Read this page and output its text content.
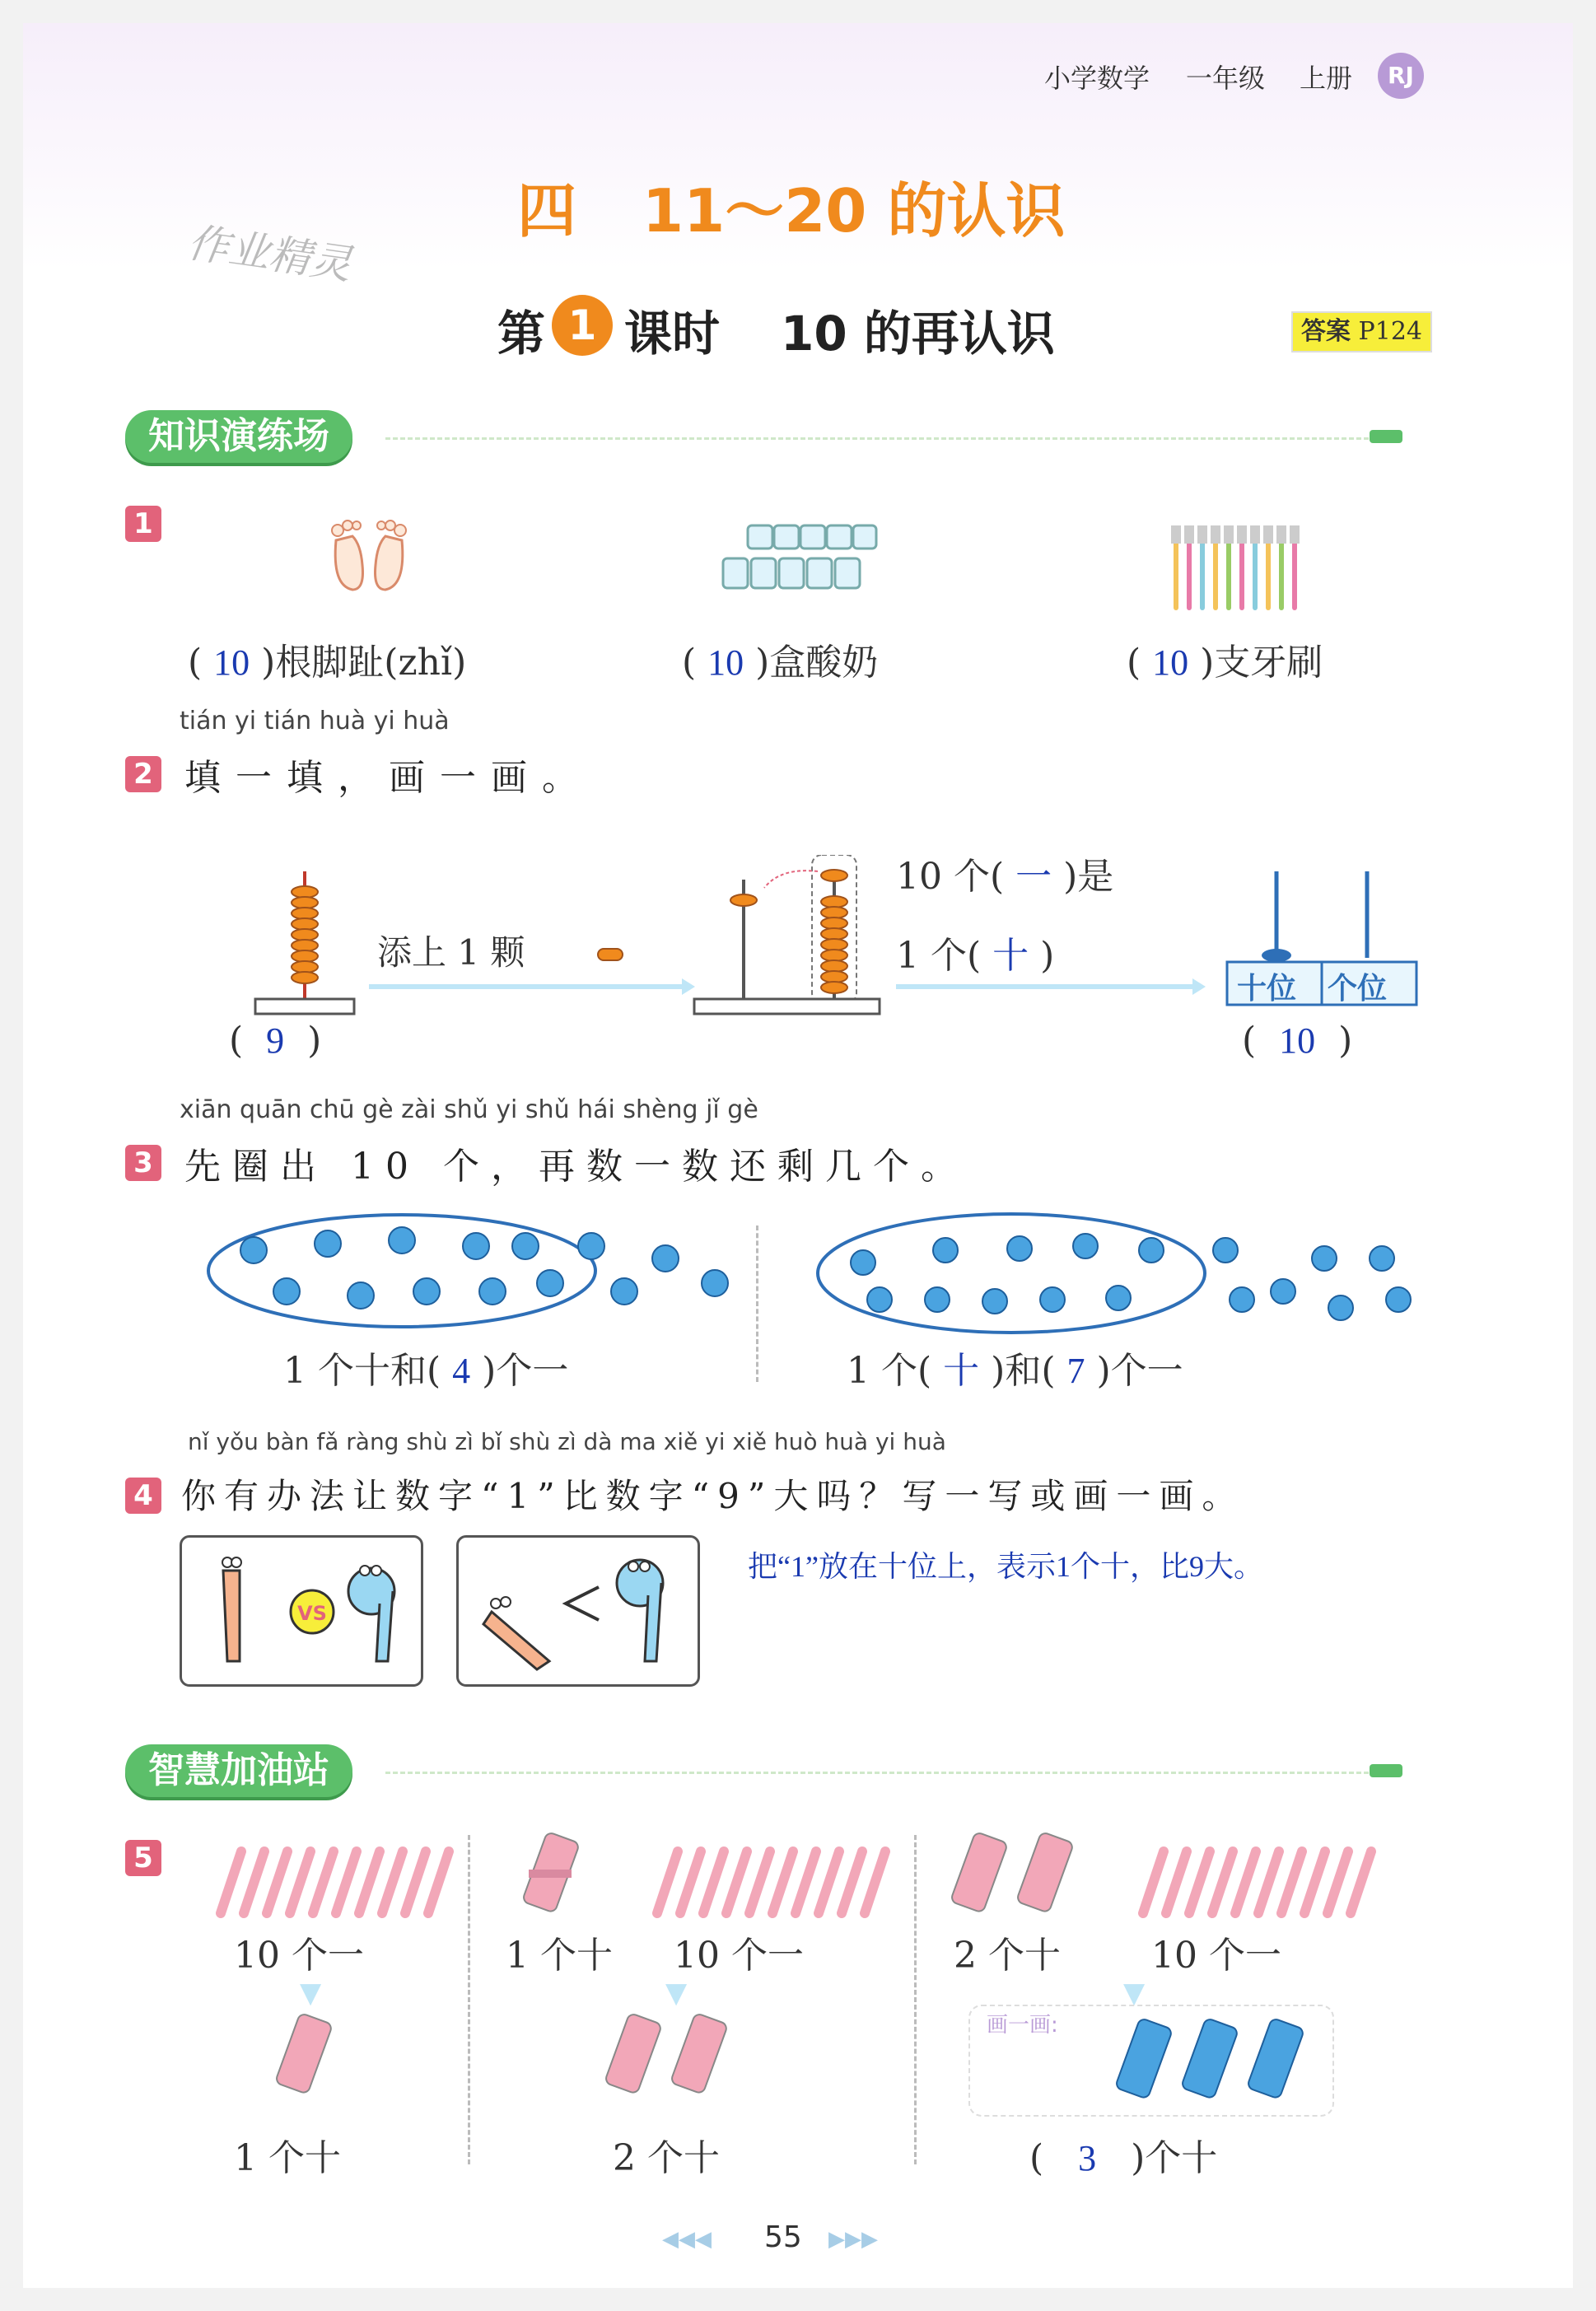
小学数学 一年级 上册	RJ
作业精灵
四 11～20 的认识
第 1 课时 10 的再认识	答案 P124
知识演练场
1
( 10 )根脚趾(zhǐ)	( 10 )盒酸奶	( 10 )支牙刷
tián yi tián huà yi huà
2 填一填，画一画。
十位 个位
添上 1 颗
10 个( 一 )是
1 个( 十 )
(  9  )	(  10  )
xiān quān chū gè zài shǔ yi shǔ hái shèng jǐ gè
3 先圈出 10 个，再数一数还剩几个。
1 个十和( 4 )个一	1 个( 十 )和( 7 )个一
nǐ yǒu bàn fǎ ràng shù zì bǐ shù zì dà ma xiě yi xiě huò huà yi huà
4 你有办法让数字“1”比数字“9”大吗？写一写或画一画。
VS
把“1”放在十位上，表示1个十，比9大。
智慧加油站
5
10 个一	1 个十 10 个一	2 个十	10 个一
▼	▼	▼
画一画:
1 个十	2 个十	(   3   )个十
◀◀◀ 55 ▶▶▶
